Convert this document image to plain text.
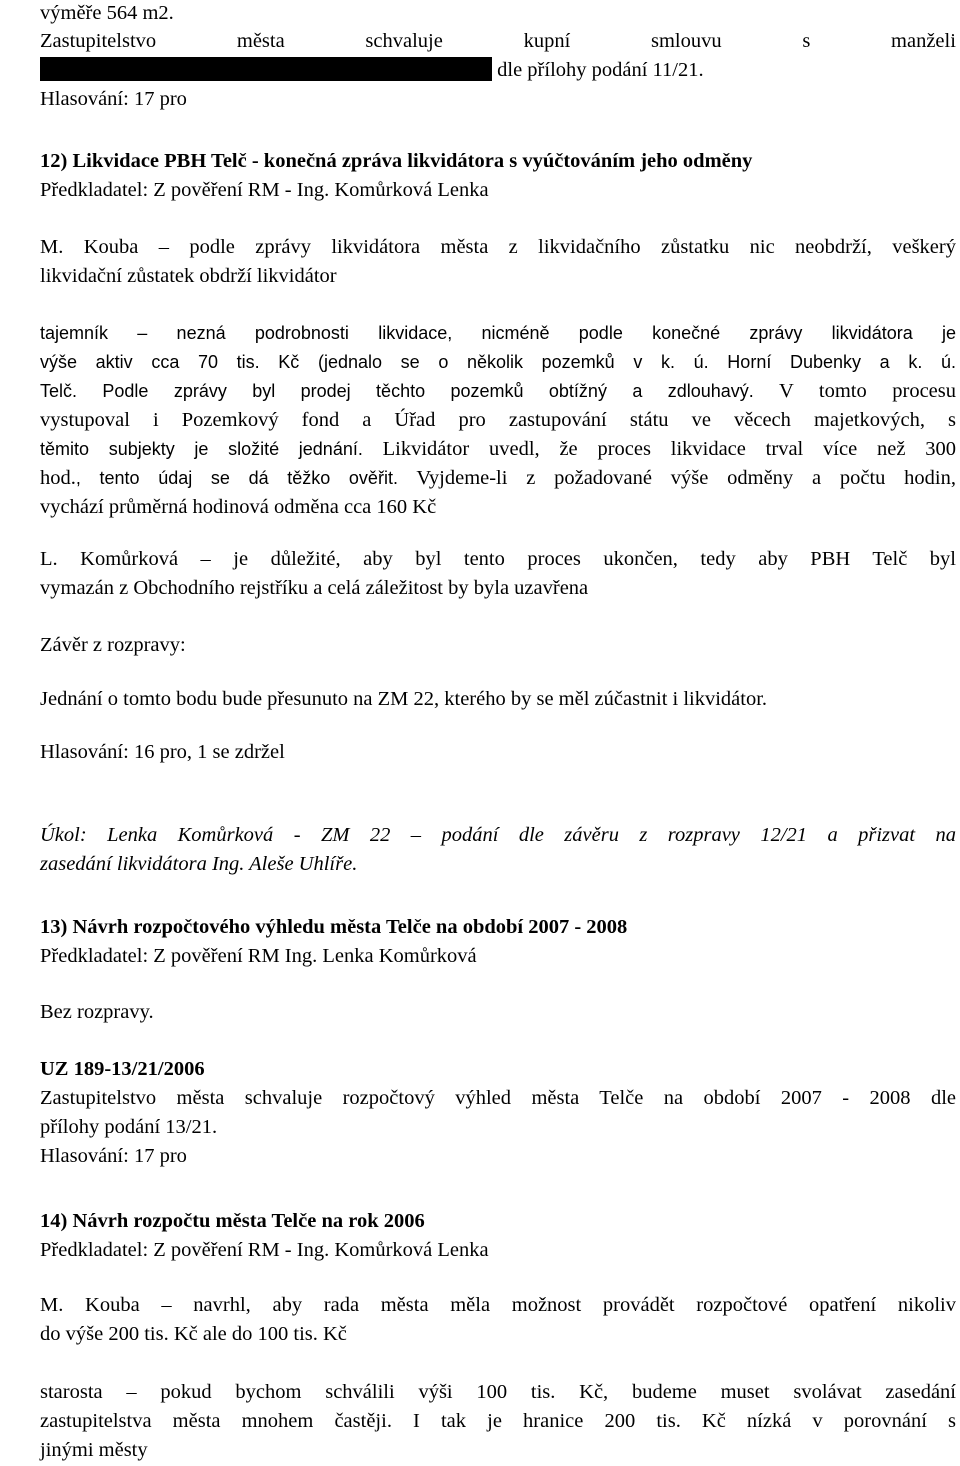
výměře 564 m2.
Zastupitelstvo	města	schvaluje	kupní	smlouvu	s	manželi
dle přílohy podání 11/21.
Hlasování: 17 pro
12) Likvidace PBH Telč - konečná zpráva likvidátora s vyúčtováním jeho odměny
Předkladatel: Z pověření RM - Ing. Komůrková Lenka
M. Kouba – podle zprávy likvidátora města z likvidačního zůstatku nic neobdrží, veškerý
likvidační zůstatek obdrží likvidátor
tajemník – nezná podrobnosti likvidace, nicméně podle konečné zprávy likvidátora je
výše aktiv cca 70 tis. Kč (jednalo se o několik pozemků v k. ú. Horní Dubenky a k. ú.
Telč. Podle zprávy byl prodej těchto pozemků obtížný a zdlouhavý. V tomto procesu
vystupoval i Pozemkový fond a Úřad pro zastupování státu ve věcech majetkových, s
těmito subjekty je složité jednání. Likvidátor uvedl, že proces likvidace trval více než 300
hod., tento údaj se dá těžko ověřit. Vyjdeme-li z požadované výše odměny a počtu hodin,
vychází průměrná hodinová odměna cca 160 Kč
L. Komůrková – je důležité, aby byl tento proces ukončen, tedy aby PBH Telč byl
vymazán z Obchodního rejstříku a celá záležitost by byla uzavřena
Závěr z rozpravy:
Jednání o tomto bodu bude přesunuto na ZM 22, kterého by se měl zúčastnit i likvidátor.
Hlasování: 16 pro, 1 se zdržel
Úkol: Lenka Komůrková - ZM 22 – podání dle závěru z rozpravy 12/21 a přizvat na
zasedání likvidátora Ing. Aleše Uhlíře.
13) Návrh rozpočtového výhledu města Telče na období 2007 - 2008
Předkladatel: Z pověření RM Ing. Lenka Komůrková
Bez rozpravy.
UZ 189-13/21/2006
Zastupitelstvo města schvaluje rozpočtový výhled města Telče na období 2007 - 2008 dle
přílohy podání 13/21.
Hlasování: 17 pro
14) Návrh rozpočtu města Telče na rok 2006
Předkladatel: Z pověření RM - Ing. Komůrková Lenka
M. Kouba – navrhl, aby rada města měla možnost provádět rozpočtové opatření nikoliv
do výše 200 tis. Kč ale do 100 tis. Kč
starosta – pokud bychom schválili výši 100 tis. Kč, budeme muset svolávat zasedání
zastupitelstva města mnohem častěji. I tak je hranice 200 tis. Kč nízká v porovnání s
jinými městy
